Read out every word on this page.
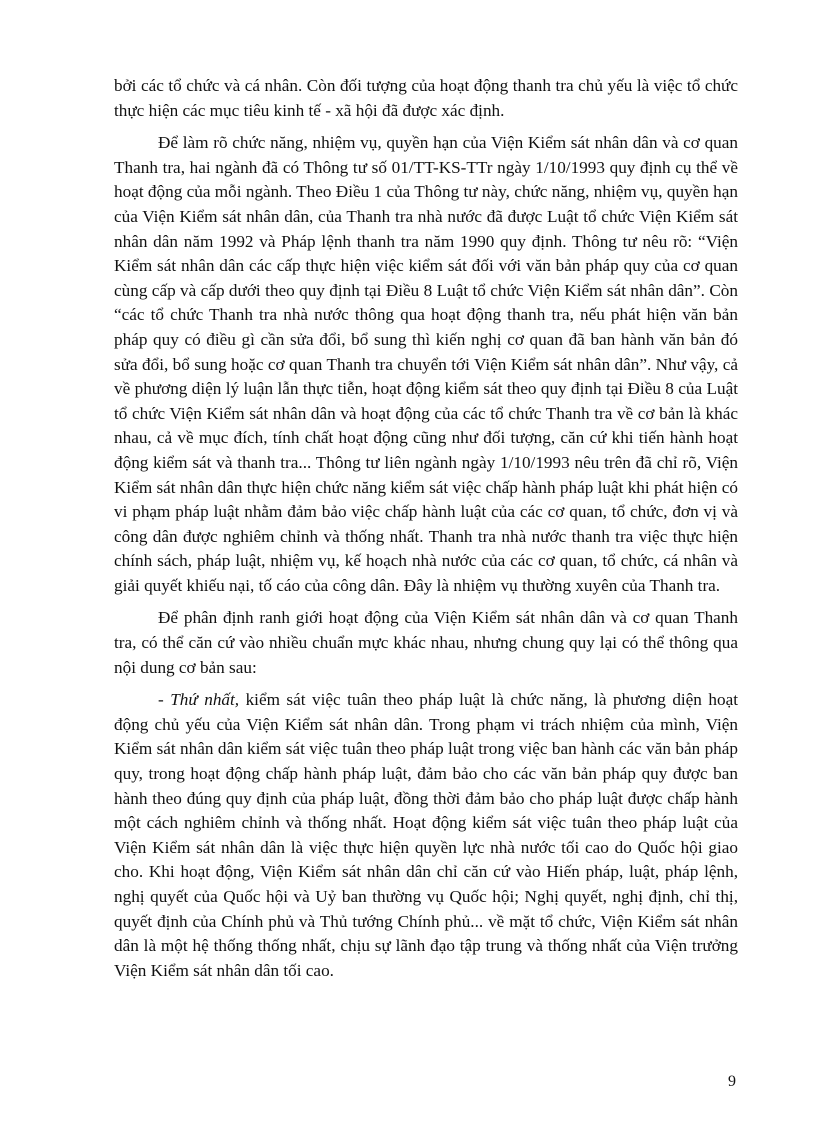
bởi các tổ chức và cá nhân. Còn đối tượng của hoạt động thanh tra chủ yếu là việc tổ chức thực hiện các mục tiêu kinh tế - xã hội đã được xác định.

Để làm rõ chức năng, nhiệm vụ, quyền hạn của Viện Kiểm sát nhân dân và cơ quan Thanh tra, hai ngành đã có Thông tư số 01/TT-KS-TTr ngày 1/10/1993 quy định cụ thể về hoạt động của mỗi ngành. Theo Điều 1 của Thông tư này, chức năng, nhiệm vụ, quyền hạn của Viện Kiểm sát nhân dân, của Thanh tra nhà nước đã được Luật tổ chức Viện Kiểm sát nhân dân năm 1992 và Pháp lệnh thanh tra năm 1990 quy định. Thông tư nêu rõ: “Viện Kiểm sát nhân dân các cấp thực hiện việc kiểm sát đối với văn bản pháp quy của cơ quan cùng cấp và cấp dưới theo quy định tại Điều 8 Luật tổ chức Viện Kiểm sát nhân dân”. Còn “các tổ chức Thanh tra nhà nước thông qua hoạt động thanh tra, nếu phát hiện văn bản pháp quy có điều gì cần sửa đổi, bổ sung thì kiến nghị cơ quan đã ban hành văn bản đó sửa đổi, bổ sung hoặc cơ quan Thanh tra chuyển tới Viện Kiểm sát nhân dân”. Như vậy, cả về phương diện lý luận lẫn thực tiễn, hoạt động kiểm sát theo quy định tại Điều 8 của Luật tổ chức Viện Kiểm sát nhân dân và hoạt động của các tổ chức Thanh tra về cơ bản là khác nhau, cả về mục đích, tính chất hoạt động cũng như đối tượng, căn cứ khi tiến hành hoạt động kiểm sát và thanh tra... Thông tư liên ngành ngày 1/10/1993 nêu trên đã chỉ rõ, Viện Kiểm sát nhân dân thực hiện chức năng kiểm sát việc chấp hành pháp luật khi phát hiện có vi phạm pháp luật nhằm đảm bảo việc chấp hành luật của các cơ quan, tổ chức, đơn vị và công dân được nghiêm chỉnh và thống nhất. Thanh tra nhà nước thanh tra việc thực hiện chính sách, pháp luật, nhiệm vụ, kế hoạch nhà nước của các cơ quan, tổ chức, cá nhân và giải quyết khiếu nại, tố cáo của công dân. Đây là nhiệm vụ thường xuyên của Thanh tra.

Để phân định ranh giới hoạt động của Viện Kiểm sát nhân dân và cơ quan Thanh tra, có thể căn cứ vào nhiều chuẩn mực khác nhau, nhưng chung quy lại có thể thông qua nội dung cơ bản sau:

- Thứ nhất, kiểm sát việc tuân theo pháp luật là chức năng, là phương diện hoạt động chủ yếu của Viện Kiểm sát nhân dân. Trong phạm vi trách nhiệm của mình, Viện Kiểm sát nhân dân kiểm sát việc tuân theo pháp luật trong việc ban hành các văn bản pháp quy, trong hoạt động chấp hành pháp luật, đảm bảo cho các văn bản pháp quy được ban hành theo đúng quy định của pháp luật, đồng thời đảm bảo cho pháp luật được chấp hành một cách nghiêm chỉnh và thống nhất. Hoạt động kiểm sát việc tuân theo pháp luật của Viện Kiểm sát nhân dân là việc thực hiện quyền lực nhà nước tối cao do Quốc hội giao cho. Khi hoạt động, Viện Kiểm sát nhân dân chỉ căn cứ vào Hiến pháp, luật, pháp lệnh, nghị quyết của Quốc hội và Uỷ ban thường vụ Quốc hội; Nghị quyết, nghị định, chỉ thị, quyết định của Chính phủ và Thủ tướng Chính phủ... về mặt tổ chức, Viện Kiểm sát nhân dân là một hệ thống thống nhất, chịu sự lãnh đạo tập trung và thống nhất của Viện trưởng Viện Kiểm sát nhân dân tối cao.

9
